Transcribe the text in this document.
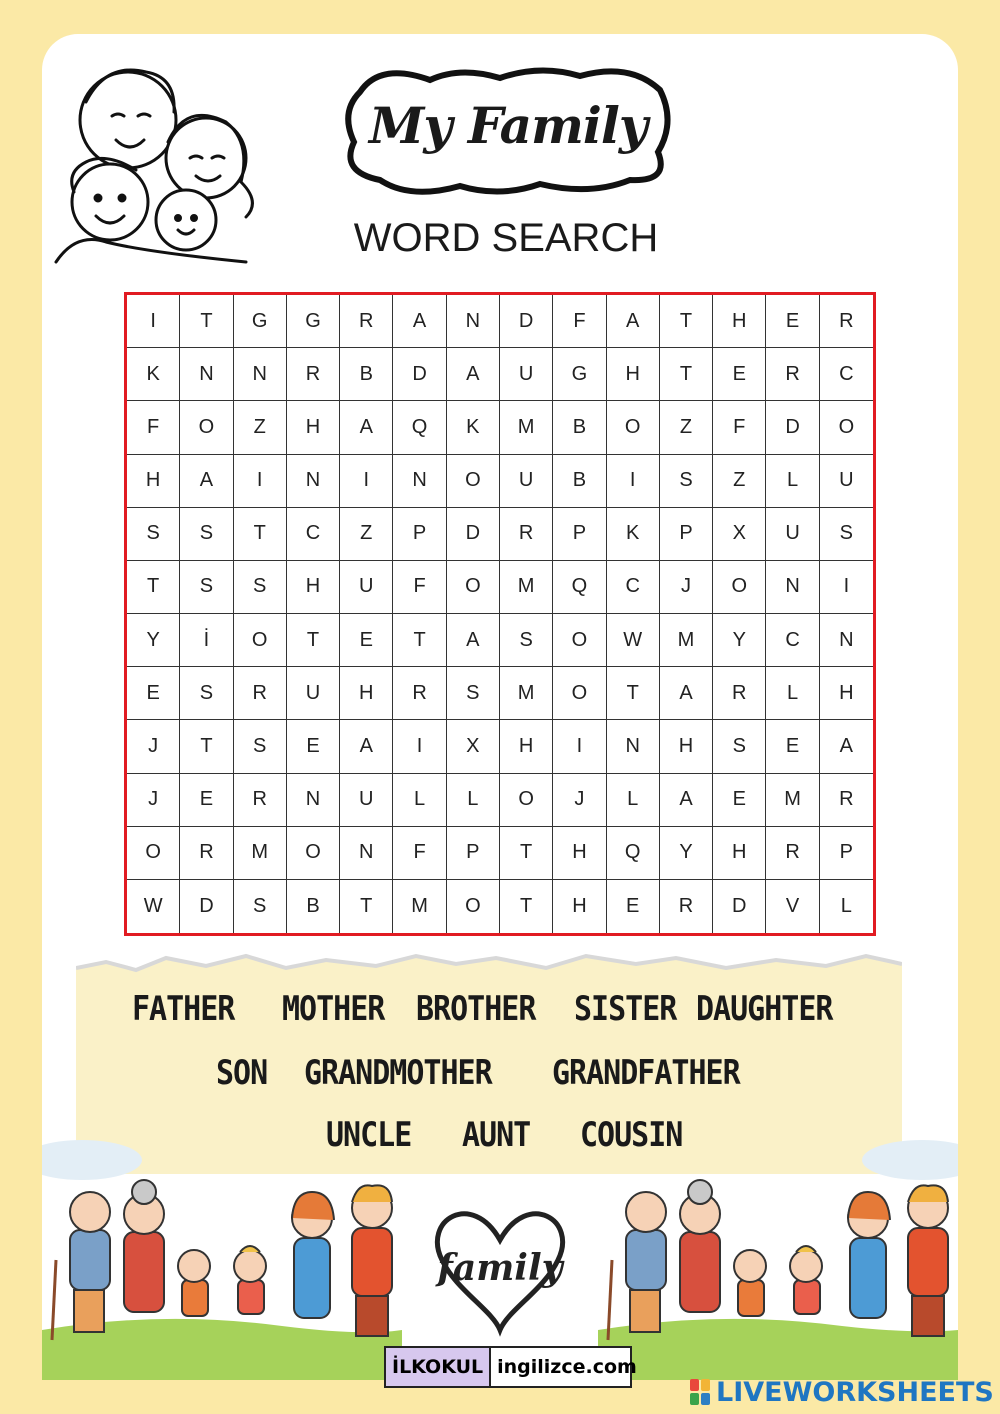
My Family
WORD SEARCH
I	T	G	G	R	A	N	D	F	A	T	H	E	R
K	N	N	R	B	D	A	U	G	H	T	E	R	C
F	O	Z	H	A	Q	K	M	B	O	Z	F	D	O
H	A	I	N	I	N	O	U	B	I	S	Z	L	U
S	S	T	C	Z	P	D	R	P	K	P	X	U	S
T	S	S	H	U	F	O	M	Q	C	J	O	N	I
Y	İ	O	T	E	T	A	S	O	W	M	Y	C	N
E	S	R	U	H	R	S	M	O	T	A	R	L	H
J	T	S	E	A	I	X	H	I	N	H	S	E	A
J	E	R	N	U	L	L	O	J	L	A	E	M	R
O	R	M	O	N	F	P	T	H	Q	Y	H	R	P
W	D	S	B	T	M	O	T	H	E	R	D	V	L
FATHER MOTHER BROTHER SISTER DAUGHTER
SON GRANDMOTHER GRANDFATHER
UNCLE AUNT COUSIN
family
İLKOKUL ingilizce.com
LIVEWORKSHEETS
